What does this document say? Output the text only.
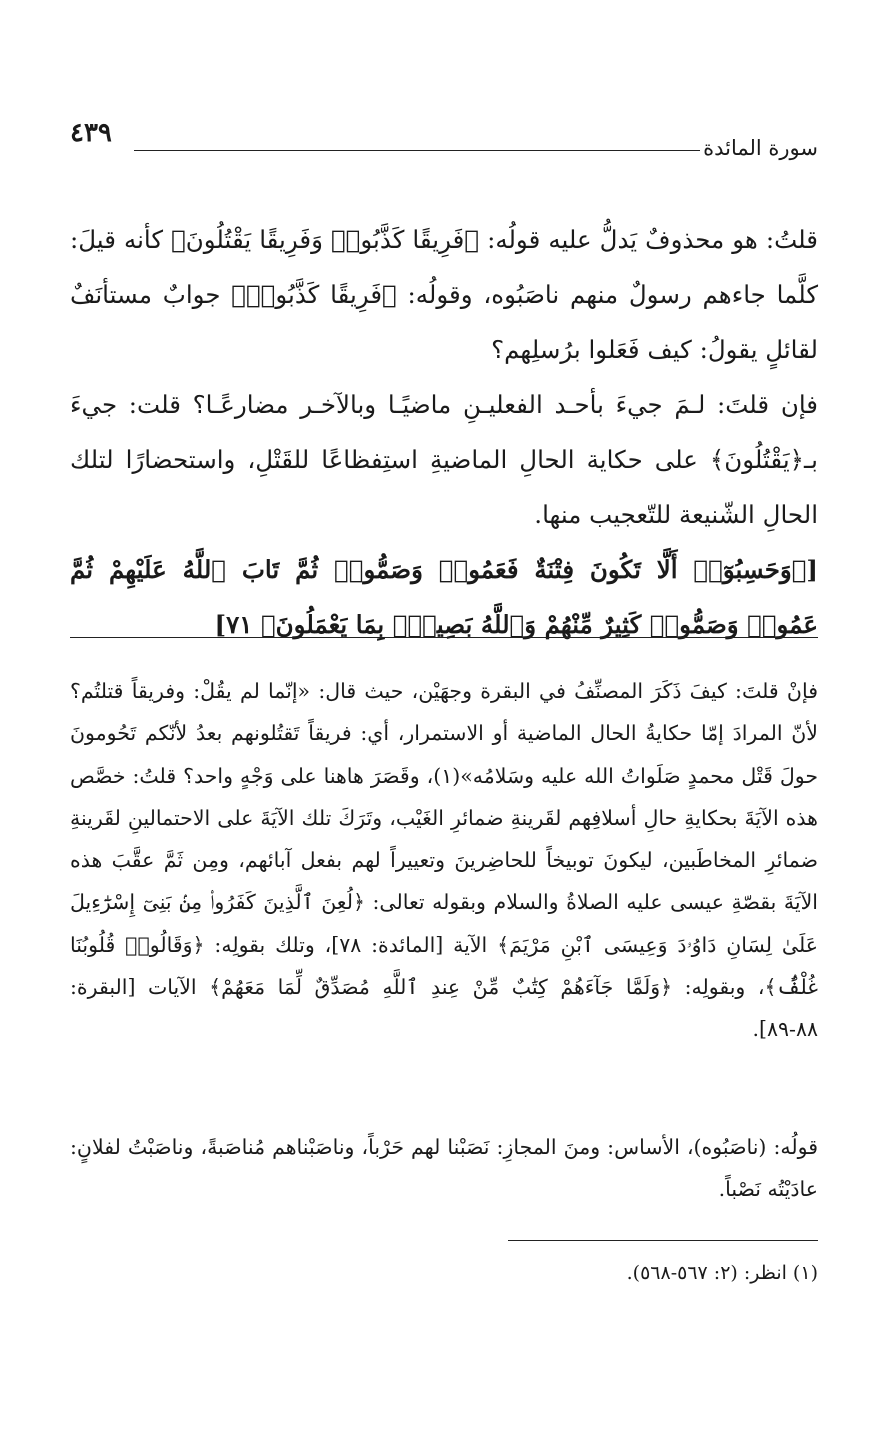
٤٣٩	سورة المائدة

قلتُ: هو محذوفٌ يَدلُّ عليه قولُه: ﴿فَرِيقًا كَذَّبُوا۟ وَفَرِيقًا يَقْتُلُونَ﴾ كأنه قيلَ: كلَّما جاءهم رسولٌ منهم ناصَبُوه، وقولُه: ﴿فَرِيقًا كَذَّبُوا۟﴾ جوابٌ مستأنَفٌ لقائلٍ يقولُ: كيف فَعَلوا برُسلِهم؟

فإن قلتَ: لـمَ جيءَ بأحـد الفعليـنِ ماضيًـا وبالآخـر مضارعًـا؟ قلت: جيءَ بـ﴿يَقْتُلُونَ﴾ على حكاية الحالِ الماضيةِ استِفظاعًا للقَتْلِ، واستحضارًا لتلك الحالِ الشّنيعة للتّعجيب منها.

[﴿وَحَسِبُوٓا۟ أَلَّا تَكُونَ فِتْنَةٌ فَعَمُوا۟ وَصَمُّوا۟ ثُمَّ تَابَ ٱللَّهُ عَلَيْهِمْ ثُمَّ عَمُوا۟ وَصَمُّوا۟ كَثِيرٌ مِّنْهُمْ وَٱللَّهُ بَصِيرٌۢ بِمَا يَعْمَلُونَ﴾ ٧١]

فإنْ قلتَ: كيفَ ذَكَرَ المصنِّفُ في البقرة وجهَيْن، حيث قال: «إنّما لم يقُلْ: وفريقاً قتلتُم؟ لأنّ المرادَ إمّا حكايةُ الحال الماضية أو الاستمرار، أي: فريقاً تَقتُلونهم بعدُ لأنّكم تَحُومونَ حولَ قَتْل محمدٍ صَلَواتُ الله عليه وسَلامُه»(١)، وقَصَرَ هاهنا على وَجْهٍ واحد؟ قلتُ: خصَّص هذه الآيَةَ بحكايةِ حالِ أسلافِهم لقَرينةِ ضمائرِ الغَيْب، وتَرَكَ تلك الآيَةَ على الاحتمالينِ لقَرينةِ ضمائرِ المخاطَبين، ليكونَ توبيخاً للحاضِرينَ وتعييراً لهم بفعل آبائهم، ومِن ثَمَّ عقَّبَ هذه الآيَةَ بقصّةِ عيسى عليه الصلاةُ والسلام وبقوله تعالى: ﴿لُعِنَ ٱلَّذِينَ كَفَرُوا۟ مِنۢ بَنِىٓ إِسْرَٰٓءِيلَ عَلَىٰ لِسَانِ دَاوُۥدَ وَعِيسَى ٱبْنِ مَرْيَمَ﴾ الآية [المائدة: ٧٨]، وتلك بقولِه: ﴿وَقَالُوا۟ قُلُوبُنَا غُلْفٌۢ﴾، وبقولِه: ﴿وَلَمَّا جَآءَهُمْ كِتَٰبٌ مِّنْ عِندِ ٱللَّهِ مُصَدِّقٌ لِّمَا مَعَهُمْ﴾ الآيات [البقرة: ٨٨-٨٩].

قولُه: (ناصَبُوه)، الأساس: ومنَ المجازِ: نَصَبْنا لهم حَرْباً، وناصَبْناهم مُناصَبةً، وناصَبْتُ لفلانٍ: عادَيْتُه نَصْباً.

(١) انظر: (٢: ٥٦٧-٥٦٨).
